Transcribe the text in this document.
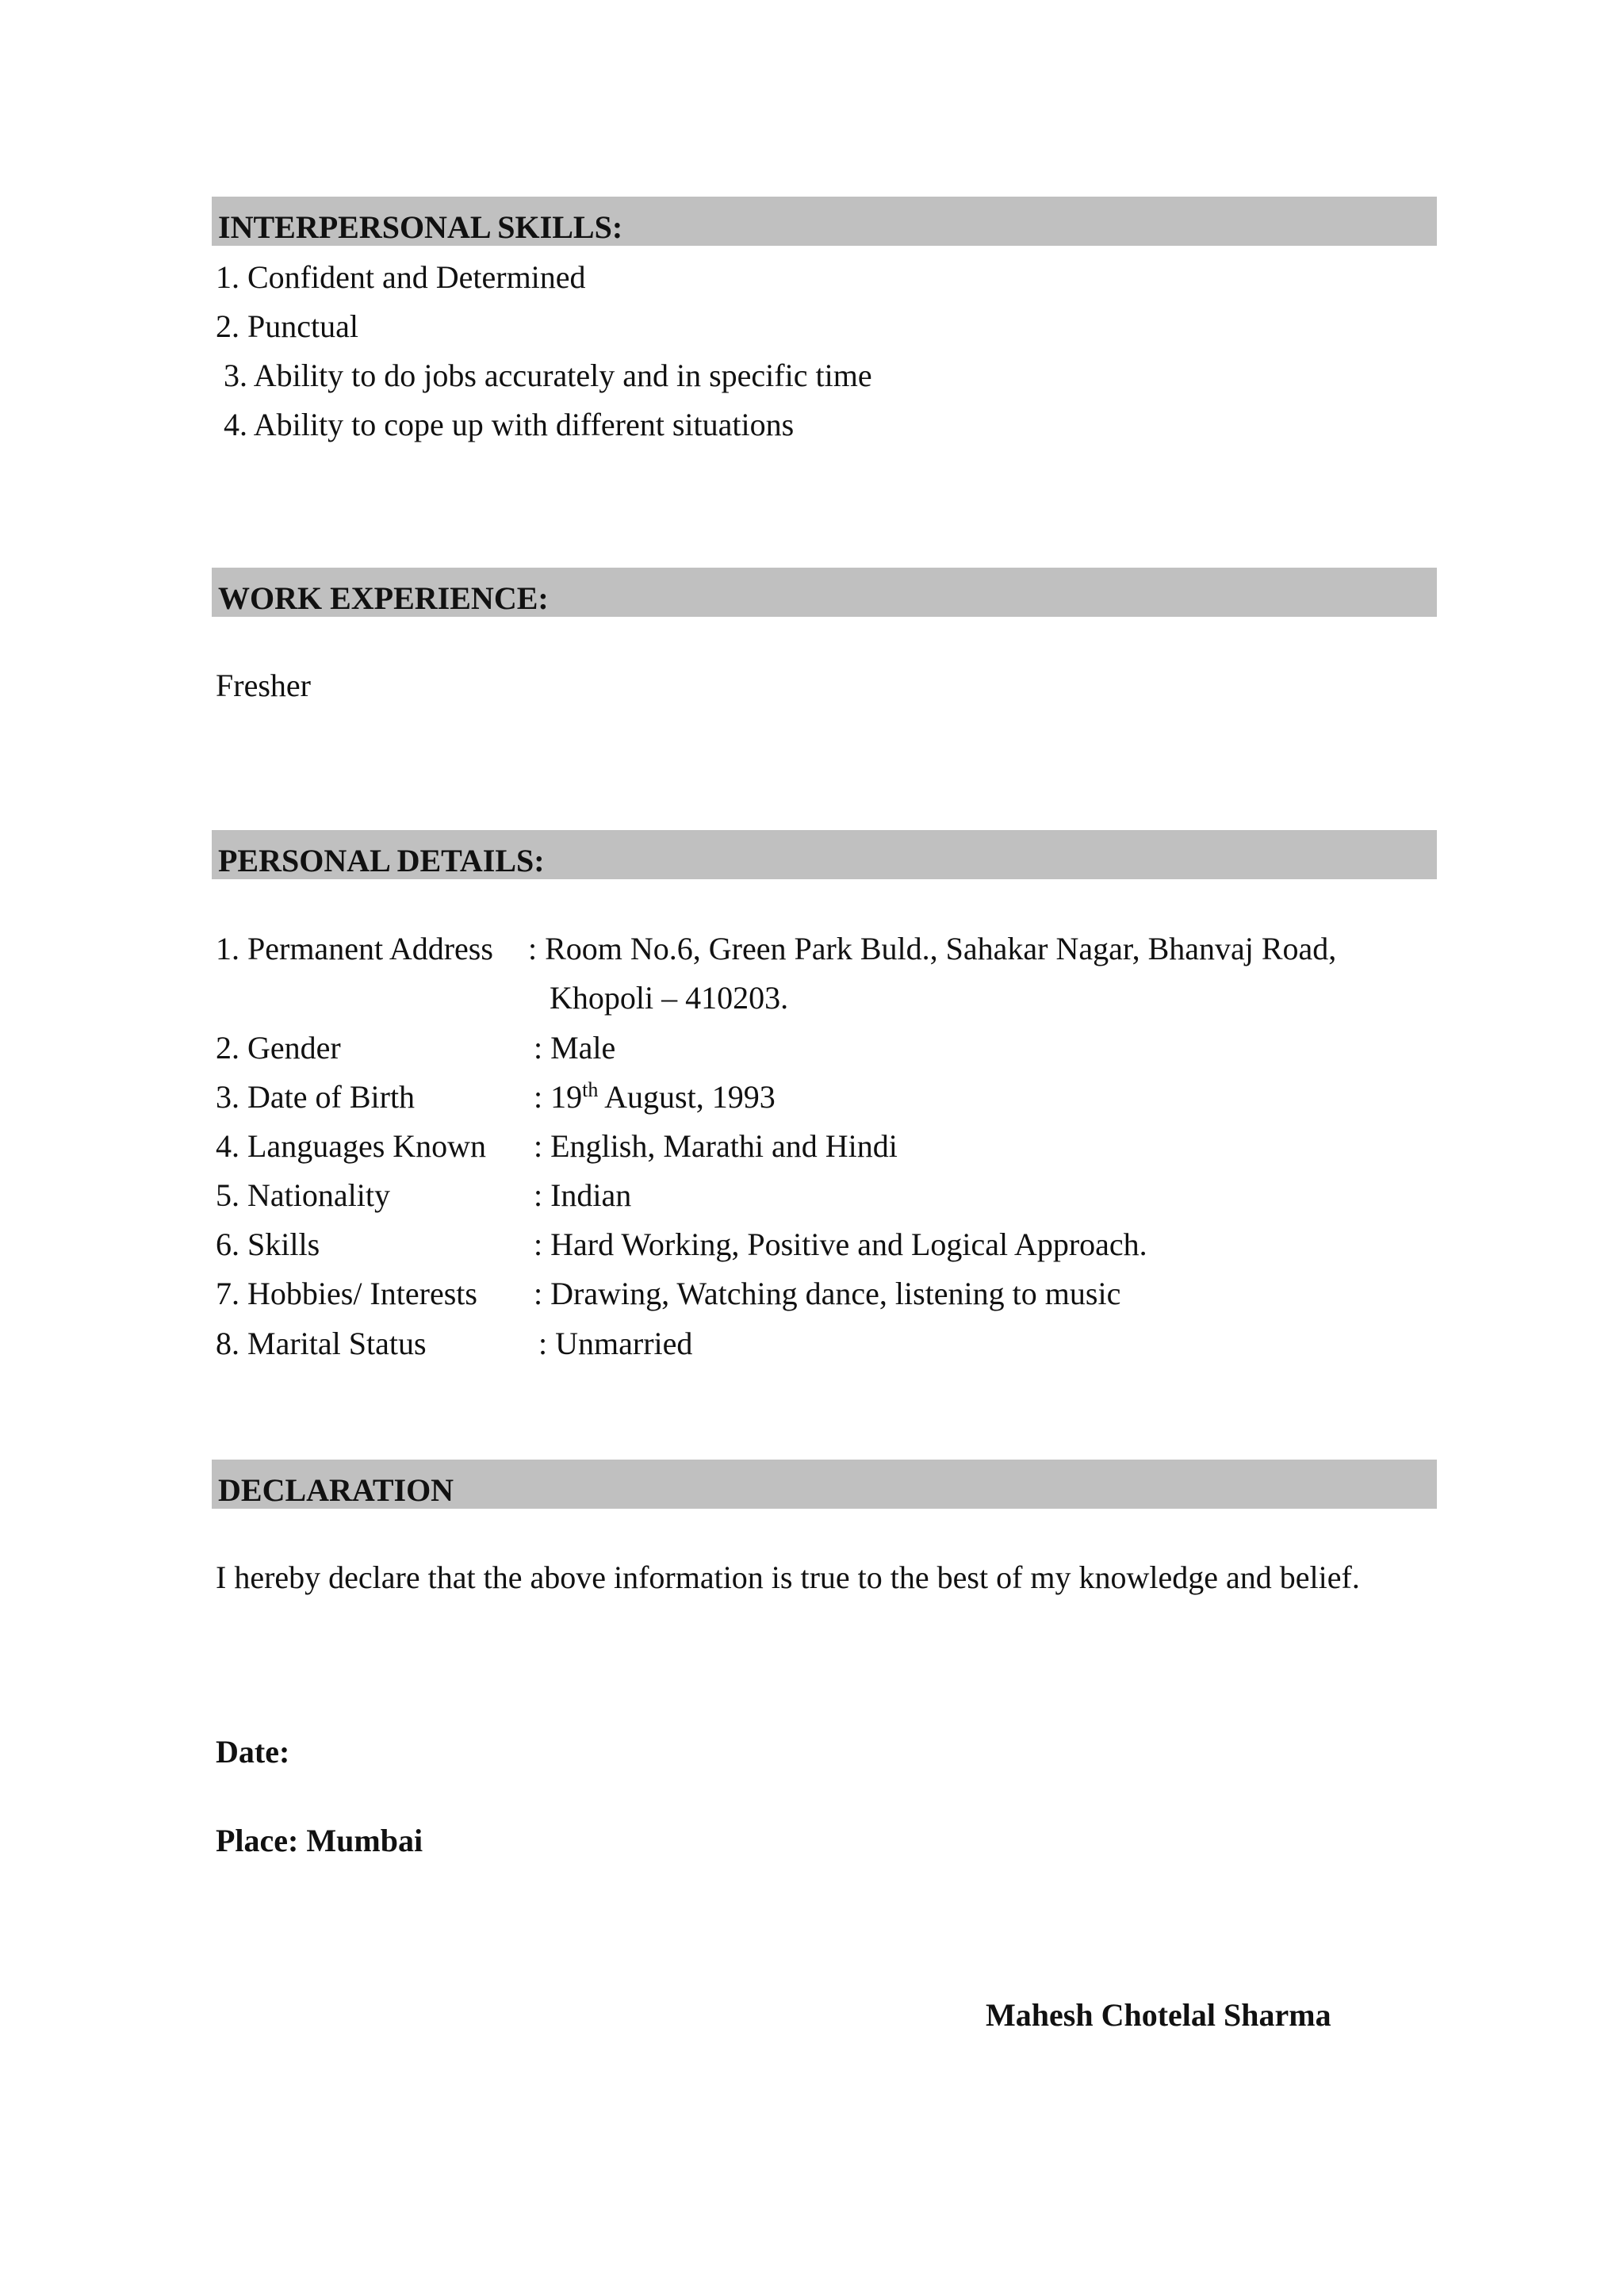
INTERPERSONAL SKILLS:
1. Confident and Determined
2. Punctual
3. Ability to do jobs accurately and in specific time
4. Ability to cope up with different situations
WORK EXPERIENCE:
Fresher
PERSONAL DETAILS:
1. Permanent Address : Room No.6, Green Park Buld., Sahakar Nagar, Bhanvaj Road,
Khopoli – 410203.
2. Gender	: Male
3. Date of Birth	: 19th August, 1993
4. Languages Known : English, Marathi and Hindi
5. Nationality	: Indian
6. Skills	: Hard Working, Positive and Logical Approach.
7. Hobbies/ Interests : Drawing, Watching dance, listening to music
8. Marital Status	: Unmarried
DECLARATION
I hereby declare that the above information is true to the best of my knowledge and belief.
Date:
Place: Mumbai
Mahesh Chotelal Sharma
